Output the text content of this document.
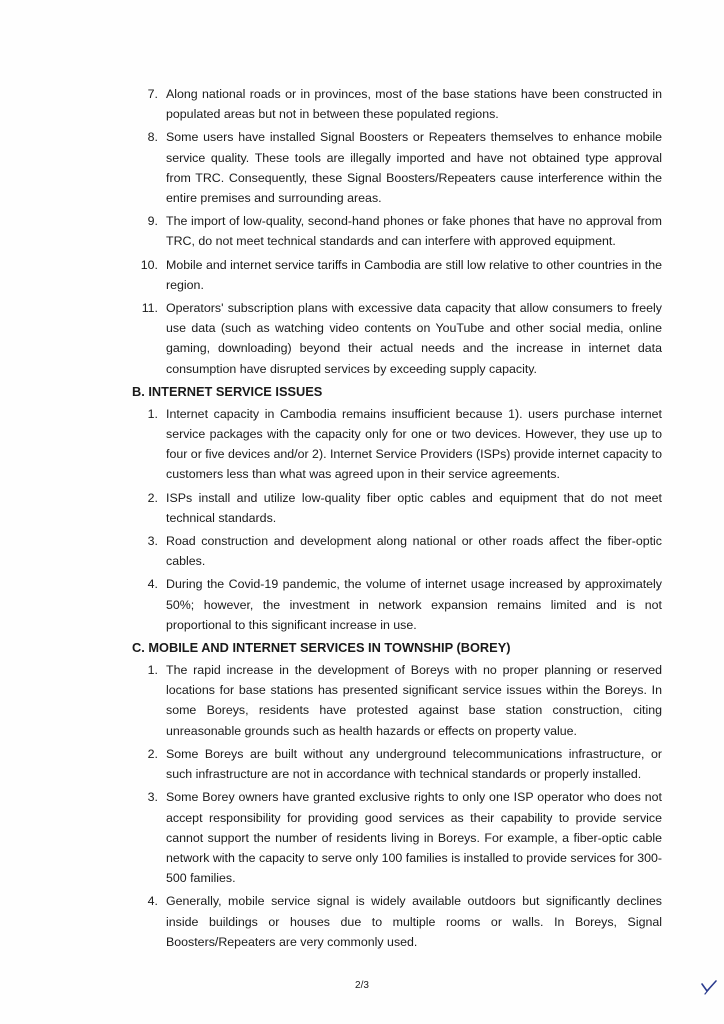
7. Along national roads or in provinces, most of the base stations have been constructed in populated areas but not in between these populated regions.
8. Some users have installed Signal Boosters or Repeaters themselves to enhance mobile service quality. These tools are illegally imported and have not obtained type approval from TRC. Consequently, these Signal Boosters/Repeaters cause interference within the entire premises and surrounding areas.
9. The import of low-quality, second-hand phones or fake phones that have no approval from TRC, do not meet technical standards and can interfere with approved equipment.
10. Mobile and internet service tariffs in Cambodia are still low relative to other countries in the region.
11. Operators' subscription plans with excessive data capacity that allow consumers to freely use data (such as watching video contents on YouTube and other social media, online gaming, downloading) beyond their actual needs and the increase in internet data consumption have disrupted services by exceeding supply capacity.
B. INTERNET SERVICE ISSUES
1. Internet capacity in Cambodia remains insufficient because 1). users purchase internet service packages with the capacity only for one or two devices. However, they use up to four or five devices and/or 2). Internet Service Providers (ISPs) provide internet capacity to customers less than what was agreed upon in their service agreements.
2. ISPs install and utilize low-quality fiber optic cables and equipment that do not meet technical standards.
3. Road construction and development along national or other roads affect the fiber-optic cables.
4. During the Covid-19 pandemic, the volume of internet usage increased by approximately 50%; however, the investment in network expansion remains limited and is not proportional to this significant increase in use.
C. MOBILE AND INTERNET SERVICES IN TOWNSHIP (BOREY)
1. The rapid increase in the development of Boreys with no proper planning or reserved locations for base stations has presented significant service issues within the Boreys. In some Boreys, residents have protested against base station construction, citing unreasonable grounds such as health hazards or effects on property value.
2. Some Boreys are built without any underground telecommunications infrastructure, or such infrastructure are not in accordance with technical standards or properly installed.
3. Some Borey owners have granted exclusive rights to only one ISP operator who does not accept responsibility for providing good services as their capability to provide service cannot support the number of residents living in Boreys. For example, a fiber-optic cable network with the capacity to serve only 100 families is installed to provide services for 300-500 families.
4. Generally, mobile service signal is widely available outdoors but significantly declines inside buildings or houses due to multiple rooms or walls. In Boreys, Signal Boosters/Repeaters are very commonly used.
2/3
